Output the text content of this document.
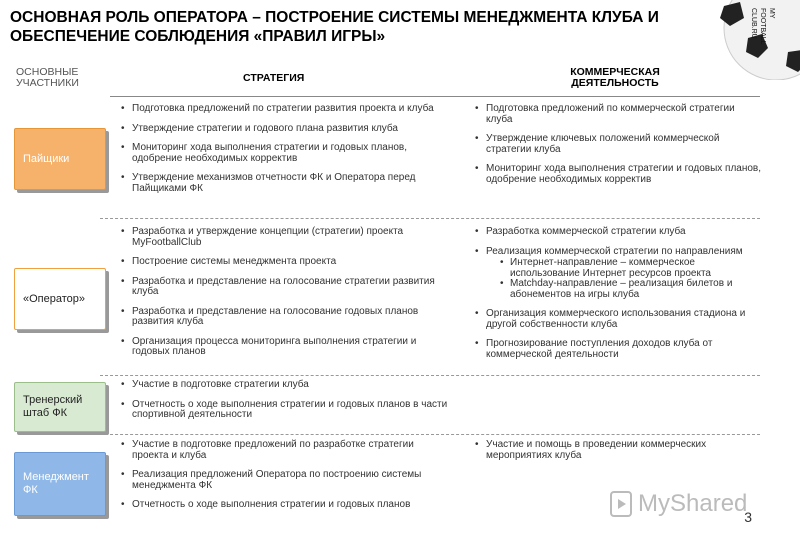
ОСНОВНАЯ РОЛЬ ОПЕРАТОРА – ПОСТРОЕНИЕ СИСТЕМЫ МЕНЕДЖМЕНТА КЛУБА И
ОБЕСПЕЧЕНИЕ СОБЛЮДЕНИЯ «ПРАВИЛ ИГРЫ»
MY
FOOTBALL
CLUB.RU
ОСНОВНЫЕ
УЧАСТНИКИ	СТРАТЕГИЯ	КОММЕРЧЕСКАЯ
ДЕЯТЕЛЬНОСТЬ
Пайщики
• Подготовка предложений по стратегии развития проекта и клуба
• Утверждение стратегии и годового плана развития клуба
• Мониторинг хода выполнения стратегии и годовых планов, одобрение необходимых корректив
• Утверждение механизмов отчетности ФК и Оператора перед Пайщиками ФК
• Подготовка предложений по коммерческой стратегии клуба
• Утверждение ключевых положений коммерческой стратегии клуба
• Мониторинг хода выполнения стратегии и годовых планов, одобрение необходимых корректив
«Оператор»
• Разработка и утверждение концепции (стратегии) проекта MyFootballClub
• Построение системы менеджмента проекта
• Разработка и представление на голосование стратегии развития клуба
• Разработка и представление на голосование годовых планов развития клуба
• Организация процесса мониторинга выполнения стратегии и годовых планов
• Разработка коммерческой стратегии клуба
• Реализация коммерческой стратегии по направлениям
• Интернет-направление – коммерческое использование Интернет ресурсов проекта
• Matchday-направление – реализация билетов и абонементов на игры клуба
• Организация коммерческого использования стадиона и другой собственности клуба
• Прогнозирование поступления доходов клуба от коммерческой деятельности
Тренерский штаб ФК
• Участие в подготовке стратегии клуба
• Отчетность о ходе выполнения стратегии и годовых планов в части спортивной деятельности
Менеджмент ФК
• Участие в подготовке предложений по разработке стратегии проекта и клуба
• Реализация предложений Оператора по построению системы менеджмента ФК
• Отчетность о ходе выполнения стратегии и годовых планов
• Участие и помощь в проведении коммерческих мероприятиях клуба
MyShared
3
